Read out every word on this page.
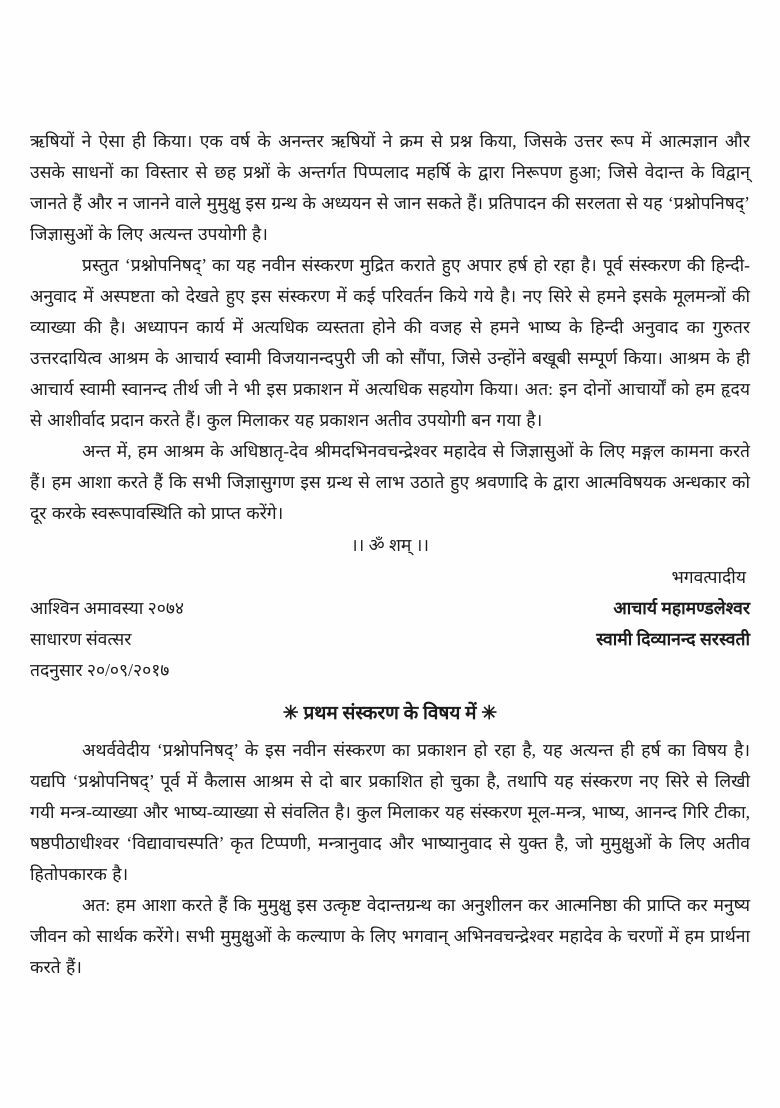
ऋषियों ने ऐसा ही किया। एक वर्ष के अनन्तर ऋषियों ने क्रम से प्रश्न किया, जिसके उत्तर रूप में आत्मज्ञान और उसके साधनों का विस्तार से छह प्रश्नों के अन्तर्गत पिप्पलाद महर्षि के द्वारा निरूपण हुआ; जिसे वेदान्त के विद्वान् जानते हैं और न जानने वाले मुमुक्षु इस ग्रन्थ के अध्ययन से जान सकते हैं। प्रतिपादन की सरलता से यह ‘प्रश्नोपनिषद्’ जिज्ञासुओं के लिए अत्यन्त उपयोगी है।

प्रस्तुत ‘प्रश्नोपनिषद्’ का यह नवीन संस्करण मुद्रित कराते हुए अपार हर्ष हो रहा है। पूर्व संस्करण की हिन्दी-अनुवाद में अस्पष्टता को देखते हुए इस संस्करण में कई परिवर्तन किये गये है। नए सिरे से हमने इसके मूलमन्त्रों की व्याख्या की है। अध्यापन कार्य में अत्यधिक व्यस्तता होने की वजह से हमने भाष्य के हिन्दी अनुवाद का गुरुतर उत्तरदायित्व आश्रम के आचार्य स्वामी विजयानन्दपुरी जी को सौंपा, जिसे उन्होंने बखूबी सम्पूर्ण किया। आश्रम के ही आचार्य स्वामी स्वानन्द तीर्थ जी ने भी इस प्रकाशन में अत्यधिक सहयोग किया। अत: इन दोनों आचार्यों को हम हृदय से आशीर्वाद प्रदान करते हैं। कुल मिलाकर यह प्रकाशन अतीव उपयोगी बन गया है।

अन्त में, हम आश्रम के अधिष्ठातृ-देव श्रीमदभिनवचन्द्रेश्वर महादेव से जिज्ञासुओं के लिए मङ्गल कामना करते हैं। हम आशा करते हैं कि सभी जिज्ञासुगण इस ग्रन्थ से लाभ उठाते हुए श्रवणादि के द्वारा आत्मविषयक अन्धकार को दूर करके स्वरूपावस्थिति को प्राप्त करेंगे।

।। ॐ शम् ।।
आश्विन अमावस्या २०७४
साधारण संवत्सर
तदनुसार २०/०९/२०१७
भगवत्पादीय
आचार्य महामण्डलेश्वर
स्वामी दिव्यानन्द सरस्वती
✳ प्रथम संस्करण के विषय में ✳

अथर्ववेदीय ‘प्रश्नोपनिषद्’ के इस नवीन संस्करण का प्रकाशन हो रहा है, यह अत्यन्त ही हर्ष का विषय है। यद्यपि ‘प्रश्नोपनिषद्’ पूर्व में कैलास आश्रम से दो बार प्रकाशित हो चुका है, तथापि यह संस्करण नए सिरे से लिखी गयी मन्त्र-व्याख्या और भाष्य-व्याख्या से संवलित है। कुल मिलाकर यह संस्करण मूल-मन्त्र, भाष्य, आनन्द गिरि टीका, षष्ठपीठाधीश्वर ‘विद्यावाचस्पति’ कृत टिप्पणी, मन्त्रानुवाद और भाष्यानुवाद से युक्त है, जो मुमुक्षुओं के लिए अतीव हितोपकारक है।

अत: हम आशा करते हैं कि मुमुक्षु इस उत्कृष्ट वेदान्तग्रन्थ का अनुशीलन कर आत्मनिष्ठा की प्राप्ति कर मनुष्य जीवन को सार्थक करेंगे। सभी मुमुक्षुओं के कल्याण के लिए भगवान् अभिनवचन्द्रेश्वर महादेव के चरणों में हम प्रार्थना करते हैं।
